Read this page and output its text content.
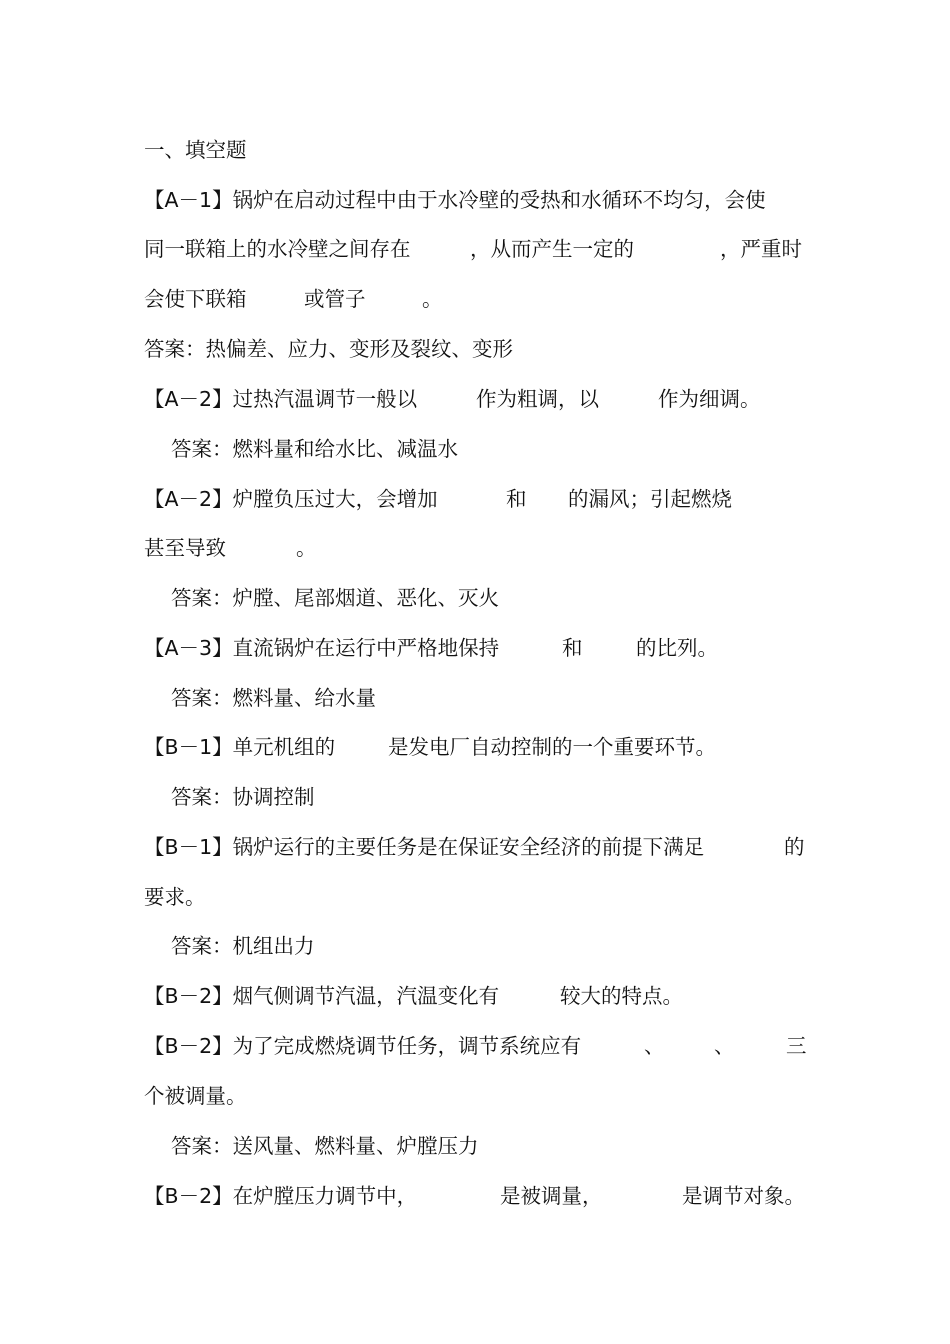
一、填空题
【A－1】锅炉在启动过程中由于水冷壁的受热和水循环不均匀，会使
同一联箱上的水冷壁之间存在	，从而产生一定的	，严重时
会使下联箱	或管子	。
答案：热偏差、应力、变形及裂纹、变形
【A－2】过热汽温调节一般以	作为粗调，以	作为细调。
答案：燃料量和给水比、减温水
【A－2】炉膛负压过大，会增加	和 的漏风；引起燃烧
甚至导致	。
答案：炉膛、尾部烟道、恶化、灭火
【A－3】直流锅炉在运行中严格地保持	和	的比列。
答案：燃料量、给水量
【B－1】单元机组的	是发电厂自动控制的一个重要环节。
答案：协调控制
【B－1】锅炉运行的主要任务是在保证安全经济的前提下满足	的
要求。
答案：机组出力
【B－2】烟气侧调节汽温，汽温变化有	较大的特点。
【B－2】为了完成燃烧调节任务，调节系统应有	、 、	三
个被调量。
答案：送风量、燃料量、炉膛压力
【B－2】在炉膛压力调节中，	是被调量，	是调节对象。
